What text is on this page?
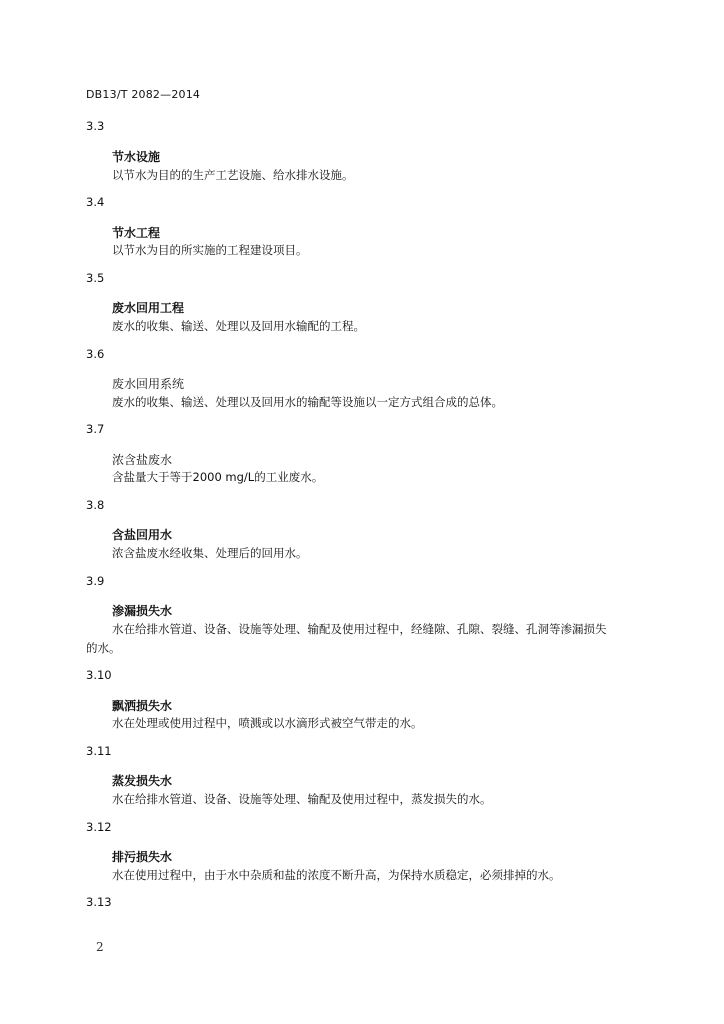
DB13/T 2082—2014
3.3
节水设施
以节水为目的的生产工艺设施、给水排水设施。
3.4
节水工程
以节水为目的所实施的工程建设项目。
3.5
废水回用工程
废水的收集、输送、处理以及回用水输配的工程。
3.6
废水回用系统
废水的收集、输送、处理以及回用水的输配等设施以一定方式组合成的总体。
3.7
浓含盐废水
含盐量大于等于2000 mg/L的工业废水。
3.8
含盐回用水
浓含盐废水经收集、处理后的回用水。
3.9
渗漏损失水
水在给排水管道、设备、设施等处理、输配及使用过程中，经缝隙、孔隙、裂缝、孔洞等渗漏损失
的水。
3.10
飘洒损失水
水在处理或使用过程中，喷溅或以水滴形式被空气带走的水。
3.11
蒸发损失水
水在给排水管道、设备、设施等处理、输配及使用过程中，蒸发损失的水。
3.12
排污损失水
水在使用过程中，由于水中杂质和盐的浓度不断升高，为保持水质稳定，必须排掉的水。
3.13
2
